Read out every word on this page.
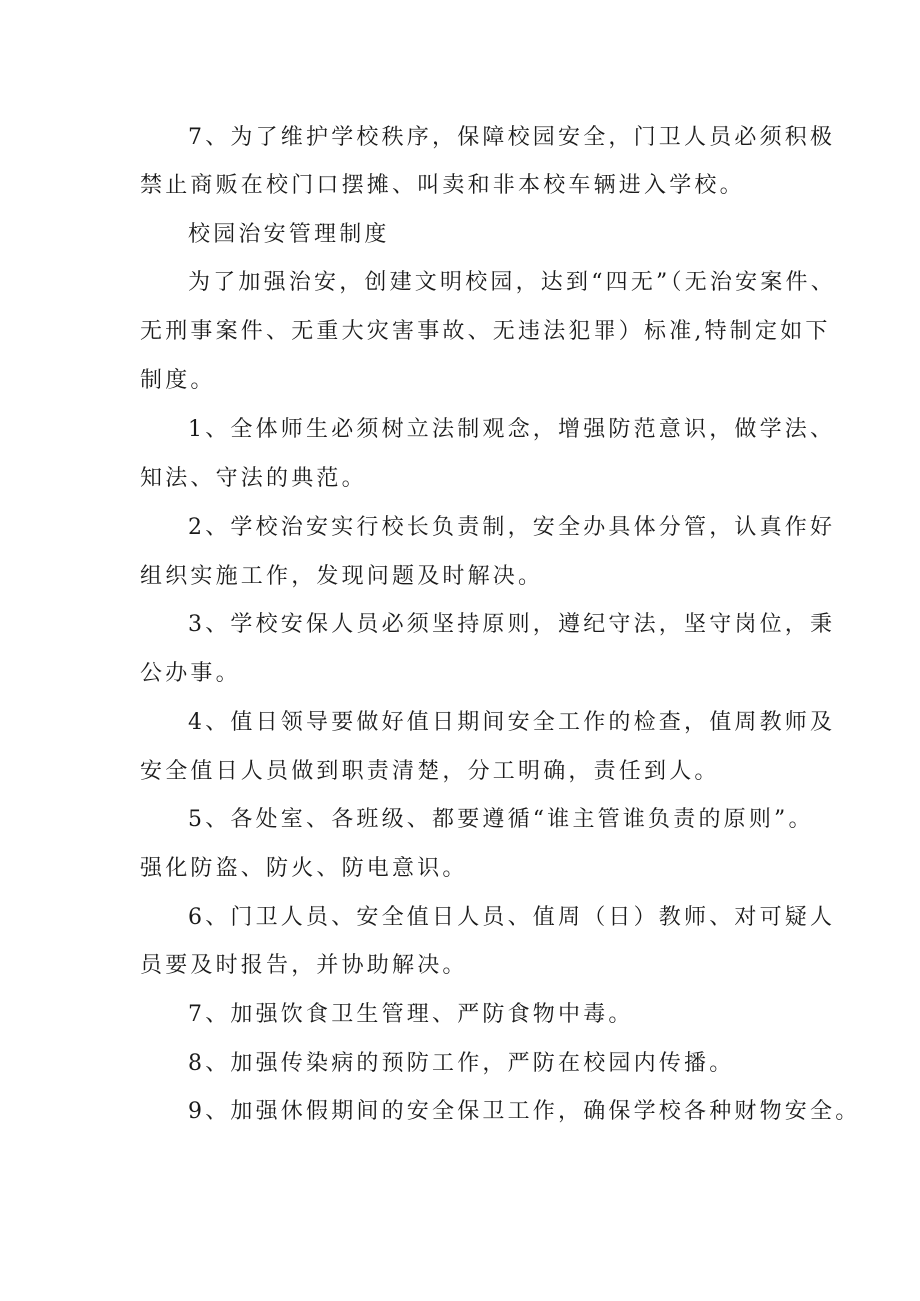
7、为了维护学校秩序，保障校园安全，门卫人员必须积极
禁止商贩在校门口摆摊、叫卖和非本校车辆进入学校。
校园治安管理制度
为了加强治安，创建文明校园，达到“四无”（无治安案件、
无刑事案件、无重大灾害事故、无违法犯罪）标准,特制定如下
制度。
1、全体师生必须树立法制观念，增强防范意识，做学法、
知法、守法的典范。
2、学校治安实行校长负责制，安全办具体分管，认真作好
组织实施工作，发现问题及时解决。
3、学校安保人员必须坚持原则，遵纪守法，坚守岗位，秉
公办事。
4、值日领导要做好值日期间安全工作的检查，值周教师及
安全值日人员做到职责清楚，分工明确，责任到人。
5、各处室、各班级、都要遵循“谁主管谁负责的原则”。
强化防盗、防火、防电意识。
6、门卫人员、安全值日人员、值周（日）教师、对可疑人
员要及时报告，并协助解决。
7、加强饮食卫生管理、严防食物中毒。
8、加强传染病的预防工作，严防在校园内传播。
9、加强休假期间的安全保卫工作，确保学校各种财物安全。
